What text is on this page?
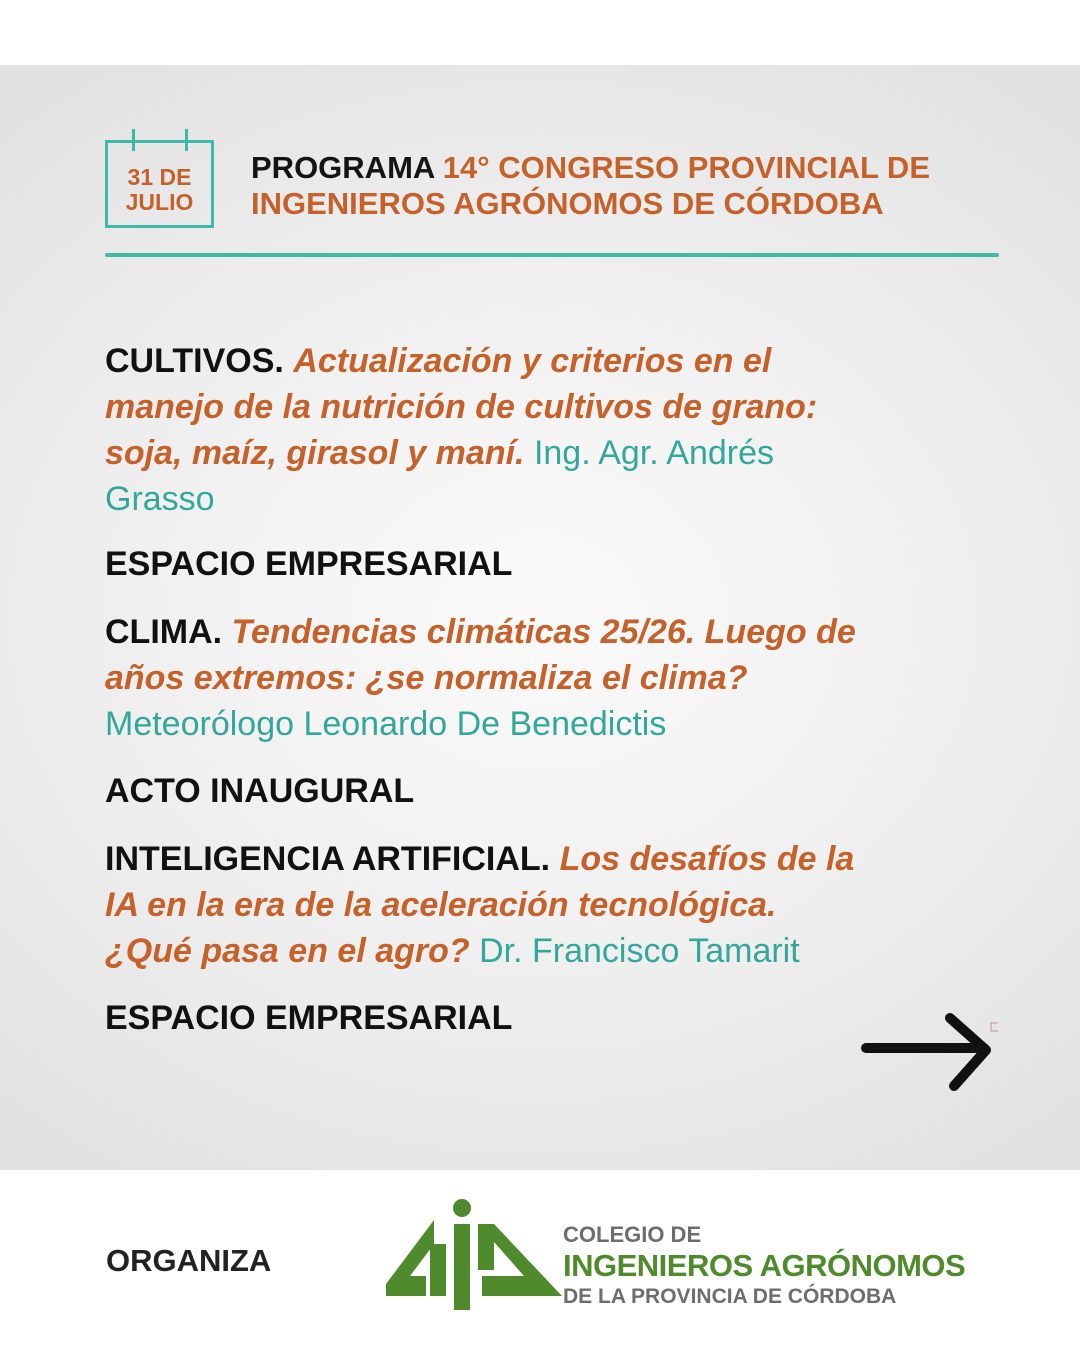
31 DE
JULIO
PROGRAMA 14° CONGRESO PROVINCIAL DE
INGENIEROS AGRÓNOMOS DE CÓRDOBA
CULTIVOS. Actualización y criterios en el
manejo de la nutrición de cultivos de grano:
soja, maíz, girasol y maní. Ing. Agr. Andrés
Grasso
ESPACIO EMPRESARIAL
CLIMA. Tendencias climáticas 25/26. Luego de
años extremos: ¿se normaliza el clima?
Meteorólogo Leonardo De Benedictis
ACTO INAUGURAL
INTELIGENCIA ARTIFICIAL. Los desafíos de la
IA en la era de la aceleración tecnológica.
¿Qué pasa en el agro? Dr. Francisco Tamarit
ESPACIO EMPRESARIAL
ORGANIZA
COLEGIO DE
INGENIEROS AGRÓNOMOS
DE LA PROVINCIA DE CÓRDOBA
